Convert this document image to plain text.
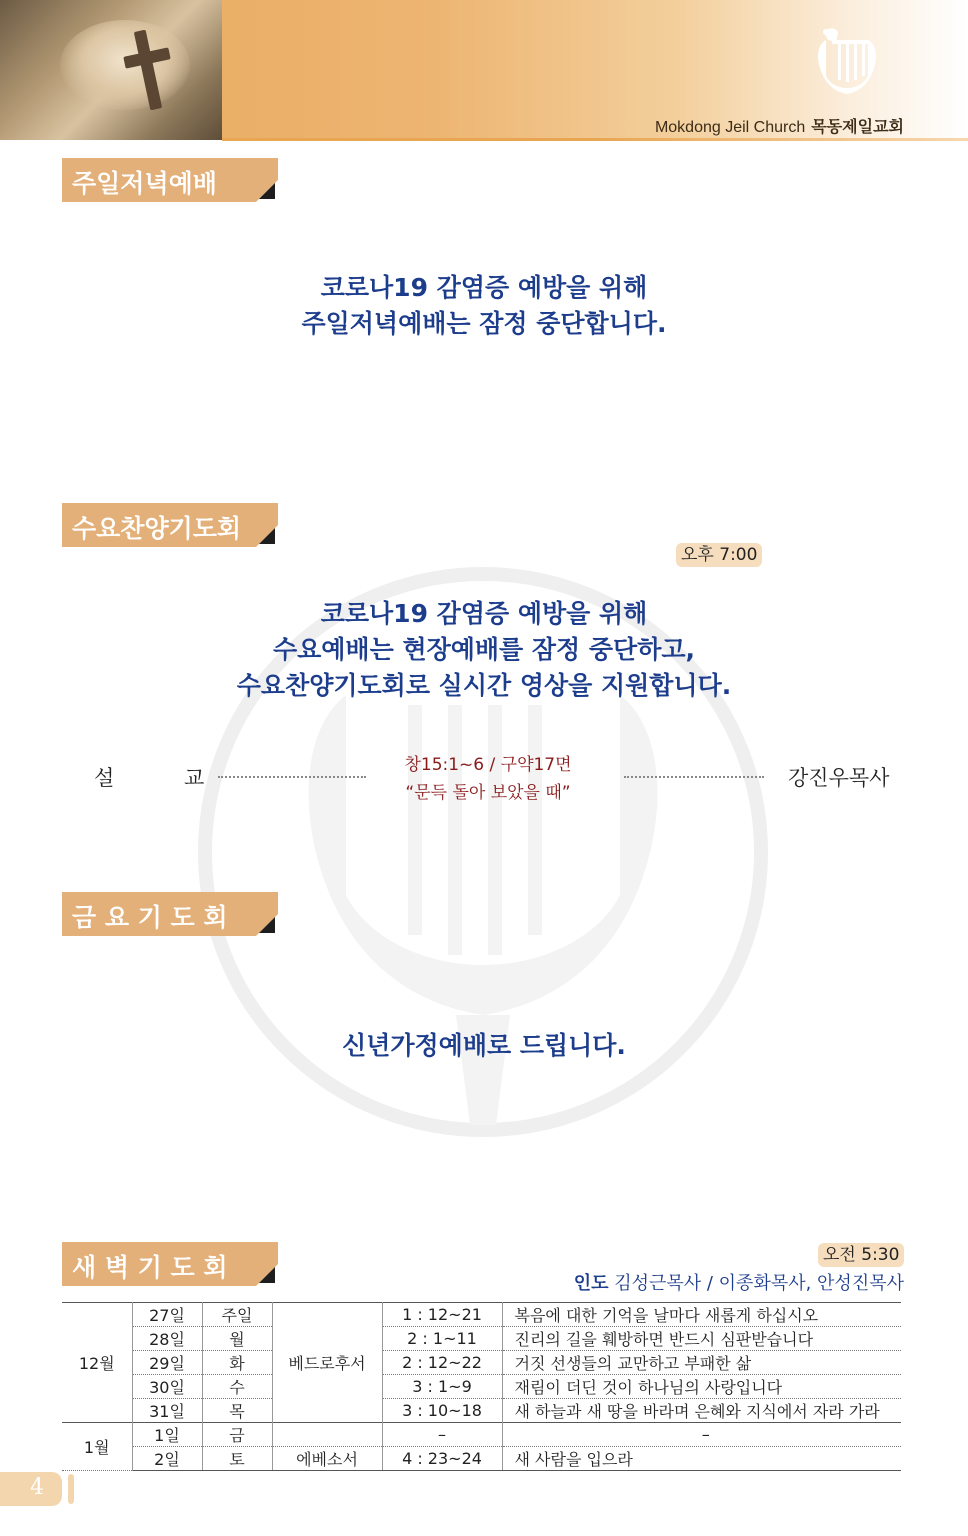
Mokdong Jeil Church 목동제일교회
주일저녁예배
코로나19 감염증 예방을 위해
주일저녁예배는 잠정 중단합니다.
수요찬양기도회
오후 7:00
코로나19 감염증 예방을 위해
수요예배는 현장예배를 잠정 중단하고,
수요찬양기도회로 실시간 영상을 지원합니다.
설	교
창15:1~6 / 구약17면
“문득 돌아 보았을 때”
강진우목사
금 요 기 도 회
신년가정예배로 드립니다.
새 벽 기 도 회	오전 5:30
인도 김성근목사 / 이종화목사, 안성진목사
12월	27일	주일	베드로후서	1 : 12~21	복음에 대한 기억을 날마다 새롭게 하십시오
	28일	월		2 : 1~11	진리의 길을 훼방하면 반드시 심판받습니다
	29일	화		2 : 12~22	거짓 선생들의 교만하고 부패한 삶
	30일	수		3 : 1~9	재림이 더딘 것이 하나님의 사랑입니다
	31일	목		3 : 10~18	새 하늘과 새 땅을 바라며 은혜와 지식에서 자라 가라
1월	1일	금		–	–
	2일	토	에베소서	4 : 23~24	새 사람을 입으라
4
